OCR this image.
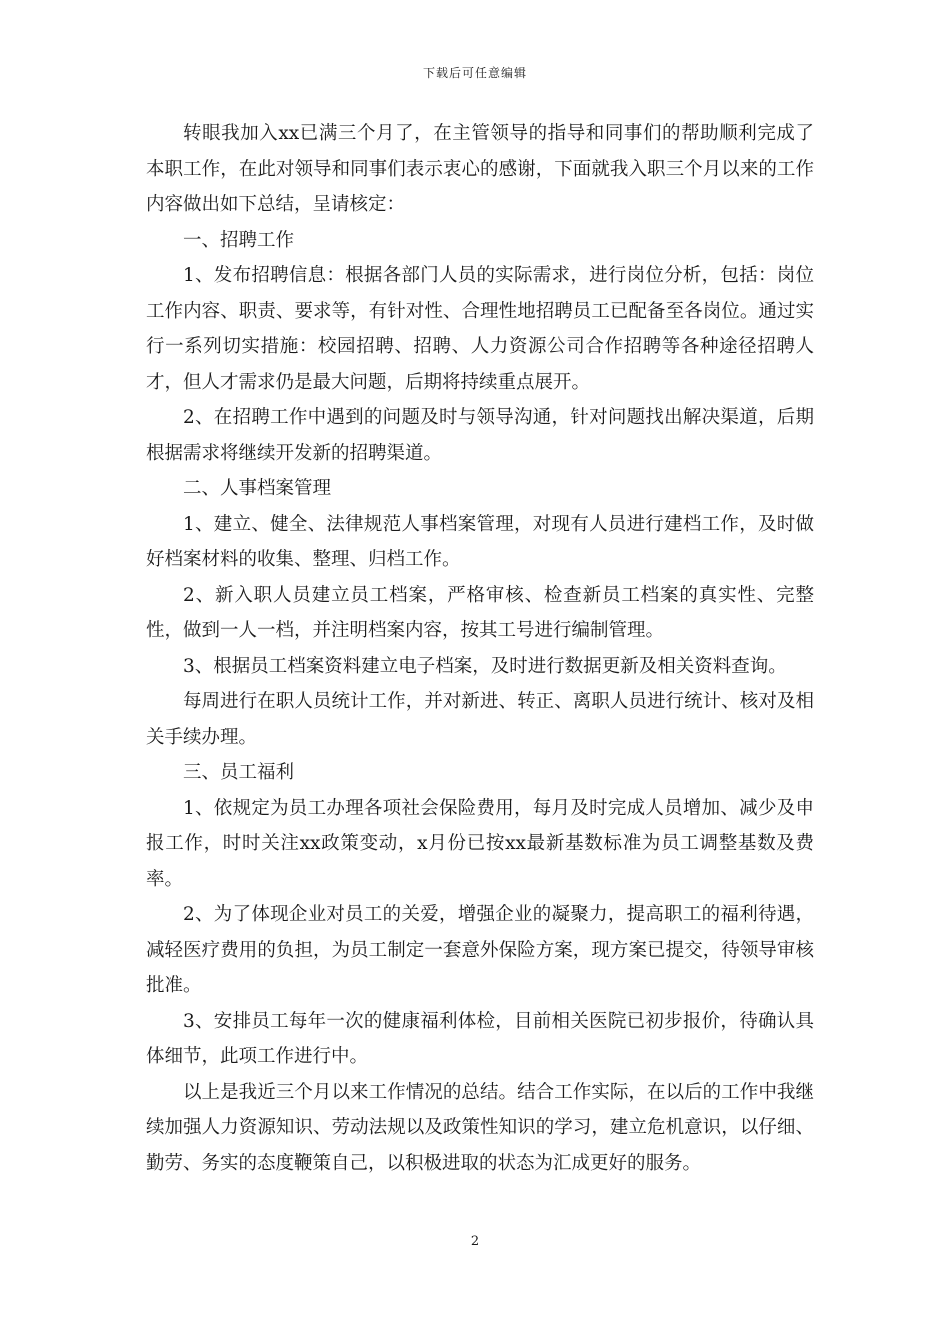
下载后可任意编辑

转眼我加入xx已满三个月了，在主管领导的指导和同事们的帮助顺利完成了本职工作，在此对领导和同事们表示衷心的感谢，下面就我入职三个月以来的工作内容做出如下总结，呈请核定：

一、招聘工作

1、发布招聘信息：根据各部门人员的实际需求，进行岗位分析，包括：岗位工作内容、职责、要求等，有针对性、合理性地招聘员工已配备至各岗位。通过实行一系列切实措施：校园招聘、招聘、人力资源公司合作招聘等各种途径招聘人才，但人才需求仍是最大问题，后期将持续重点展开。

2、在招聘工作中遇到的问题及时与领导沟通，针对问题找出解决渠道，后期根据需求将继续开发新的招聘渠道。

二、人事档案管理

1、建立、健全、法律规范人事档案管理，对现有人员进行建档工作，及时做好档案材料的收集、整理、归档工作。

2、新入职人员建立员工档案，严格审核、检查新员工档案的真实性、完整性，做到一人一档，并注明档案内容，按其工号进行编制管理。

3、根据员工档案资料建立电子档案，及时进行数据更新及相关资料查询。

每周进行在职人员统计工作，并对新进、转正、离职人员进行统计、核对及相关手续办理。

三、员工福利

1、依规定为员工办理各项社会保险费用，每月及时完成人员增加、减少及申报工作，时时关注xx政策变动，x月份已按xx最新基数标准为员工调整基数及费率。

2、为了体现企业对员工的关爱，增强企业的凝聚力，提高职工的福利待遇，减轻医疗费用的负担，为员工制定一套意外保险方案，现方案已提交，待领导审核批准。

3、安排员工每年一次的健康福利体检，目前相关医院已初步报价，待确认具体细节，此项工作进行中。

以上是我近三个月以来工作情况的总结。结合工作实际，在以后的工作中我继续加强人力资源知识、劳动法规以及政策性知识的学习，建立危机意识，以仔细、勤劳、务实的态度鞭策自己，以积极进取的状态为汇成更好的服务。

2
